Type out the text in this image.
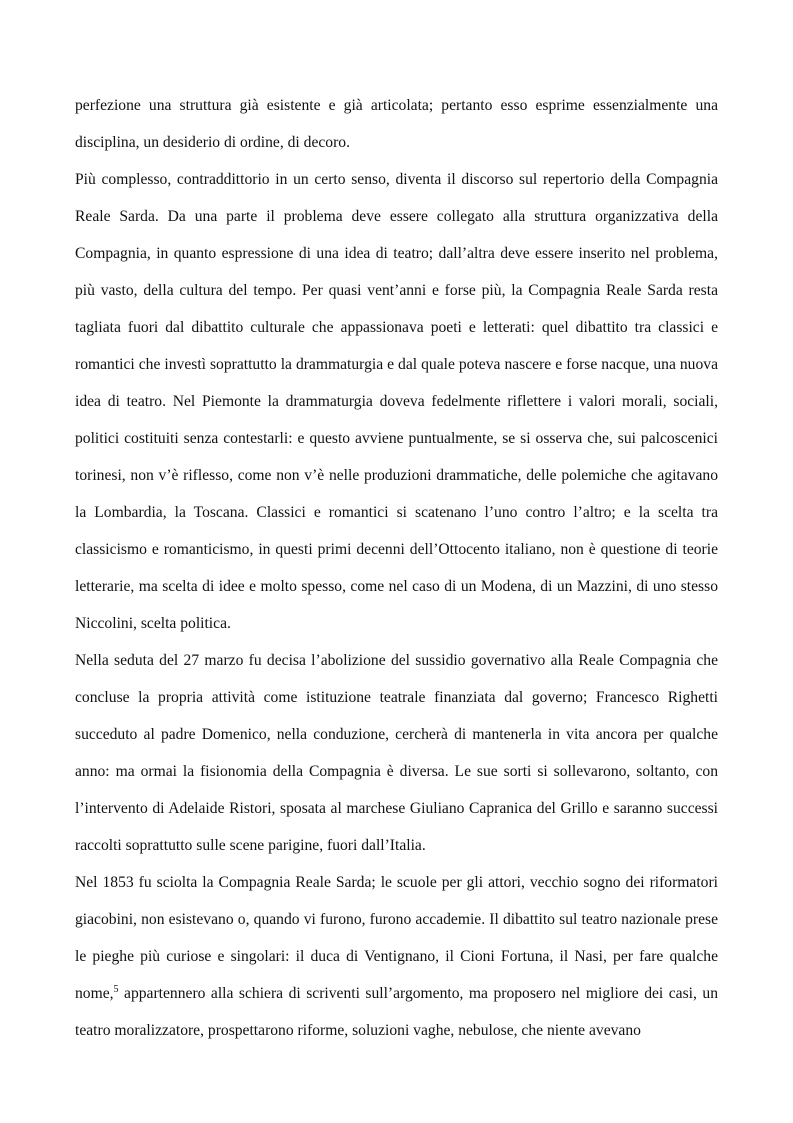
perfezione una struttura già esistente e già articolata; pertanto esso esprime essenzialmente una disciplina, un desiderio di ordine, di decoro.

Più complesso, contraddittorio in un certo senso, diventa il discorso sul repertorio della Compagnia Reale Sarda. Da una parte il problema deve essere collegato alla struttura organizzativa della Compagnia, in quanto espressione di una idea di teatro; dall’altra deve essere inserito nel problema, più vasto, della cultura del tempo. Per quasi vent’anni e forse più, la Compagnia Reale Sarda resta tagliata fuori dal dibattito culturale che appassionava poeti e letterati: quel dibattito tra classici e romantici che investì soprattutto la drammaturgia e dal quale poteva nascere e forse nacque, una nuova idea di teatro. Nel Piemonte la drammaturgia doveva fedelmente riflettere i valori morali, sociali, politici costituiti senza contestarli: e questo avviene puntualmente, se si osserva che, sui palcoscenici torinesi, non v’è riflesso, come non v’è nelle produzioni drammatiche, delle polemiche che agitavano la Lombardia, la Toscana. Classici e romantici si scatenano l’uno contro l’altro; e la scelta tra classicismo e romanticismo, in questi primi decenni dell’Ottocento italiano, non è questione di teorie letterarie, ma scelta di idee e molto spesso, come nel caso di un Modena, di un Mazzini, di uno stesso Niccolini, scelta politica.

Nella seduta del 27 marzo fu decisa l’abolizione del sussidio governativo alla Reale Compagnia che concluse la propria attività come istituzione teatrale finanziata dal governo; Francesco Righetti succeduto al padre Domenico, nella conduzione, cercherà di mantenerla in vita ancora per qualche anno: ma ormai la fisionomia della Compagnia è diversa. Le sue sorti si sollevarono, soltanto, con l’intervento di Adelaide Ristori, sposata al marchese Giuliano Capranica del Grillo e saranno successi raccolti soprattutto sulle scene parigine, fuori dall’Italia.

Nel 1853 fu sciolta la Compagnia Reale Sarda; le scuole per gli attori, vecchio sogno dei riformatori giacobini, non esistevano o, quando vi furono, furono accademie. Il dibattito sul teatro nazionale prese le pieghe più curiose e singolari: il duca di Ventignano, il Cioni Fortuna, il Nasi, per fare qualche nome,$^5$ appartennero alla schiera di scriventi sull’argomento, ma proposero nel migliore dei casi, un teatro moralizzatore, prospettarono riforme, soluzioni vaghe, nebulose, che niente avevano
